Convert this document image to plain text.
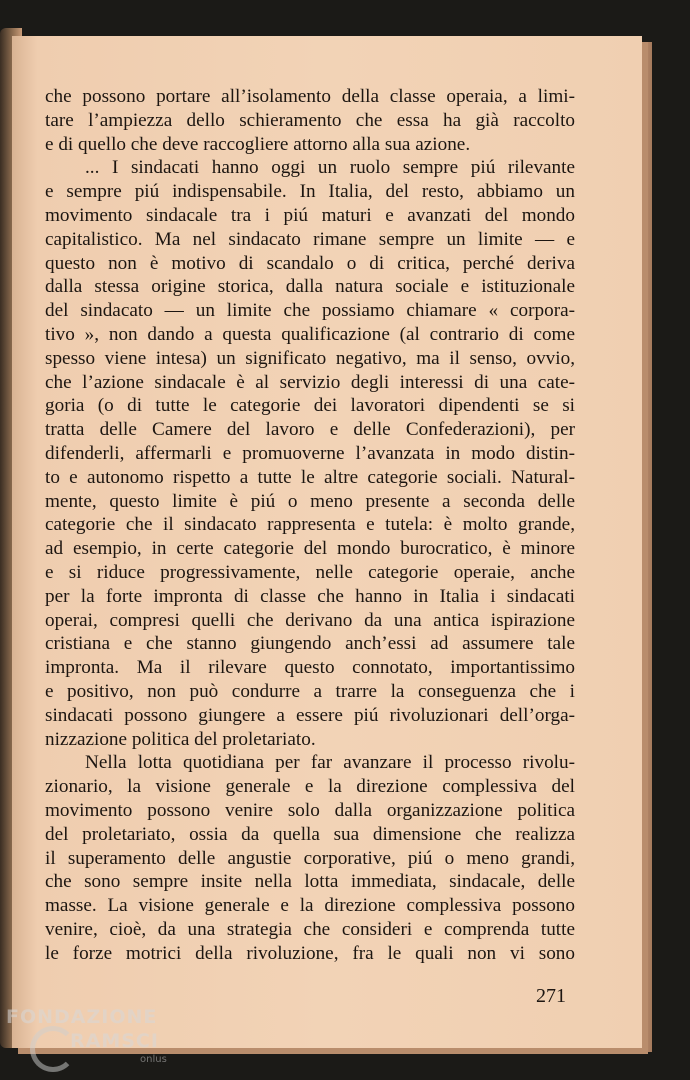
che possono portare all’isolamento della classe operaia, a limi-
tare l’ampiezza dello schieramento che essa ha già raccolto
e di quello che deve raccogliere attorno alla sua azione.
... I sindacati hanno oggi un ruolo sempre piú rilevante
e sempre piú indispensabile. In Italia, del resto, abbiamo un
movimento sindacale tra i piú maturi e avanzati del mondo
capitalistico. Ma nel sindacato rimane sempre un limite — e
questo non è motivo di scandalo o di critica, perché deriva
dalla stessa origine storica, dalla natura sociale e istituzionale
del sindacato — un limite che possiamo chiamare « corpora-
tivo », non dando a questa qualificazione (al contrario di come
spesso viene intesa) un significato negativo, ma il senso, ovvio,
che l’azione sindacale è al servizio degli interessi di una cate-
goria (o di tutte le categorie dei lavoratori dipendenti se si
tratta delle Camere del lavoro e delle Confederazioni), per
difenderli, affermarli e promuoverne l’avanzata in modo distin-
to e autonomo rispetto a tutte le altre categorie sociali. Natural-
mente, questo limite è piú o meno presente a seconda delle
categorie che il sindacato rappresenta e tutela: è molto grande,
ad esempio, in certe categorie del mondo burocratico, è minore
e si riduce progressivamente, nelle categorie operaie, anche
per la forte impronta di classe che hanno in Italia i sindacati
operai, compresi quelli che derivano da una antica ispirazione
cristiana e che stanno giungendo anch’essi ad assumere tale
impronta. Ma il rilevare questo connotato, importantissimo
e positivo, non può condurre a trarre la conseguenza che i
sindacati possono giungere a essere piú rivoluzionari dell’orga-
nizzazione politica del proletariato.
Nella lotta quotidiana per far avanzare il processo rivolu-
zionario, la visione generale e la direzione complessiva del
movimento possono venire solo dalla organizzazione politica
del proletariato, ossia da quella sua dimensione che realizza
il superamento delle angustie corporative, piú o meno grandi,
che sono sempre insite nella lotta immediata, sindacale, delle
masse. La visione generale e la direzione complessiva possono
venire, cioè, da una strategia che consideri e comprenda tutte
le forze motrici della rivoluzione, fra le quali non vi sono
271
FONDAZIONE
RAMSCI
onlus
